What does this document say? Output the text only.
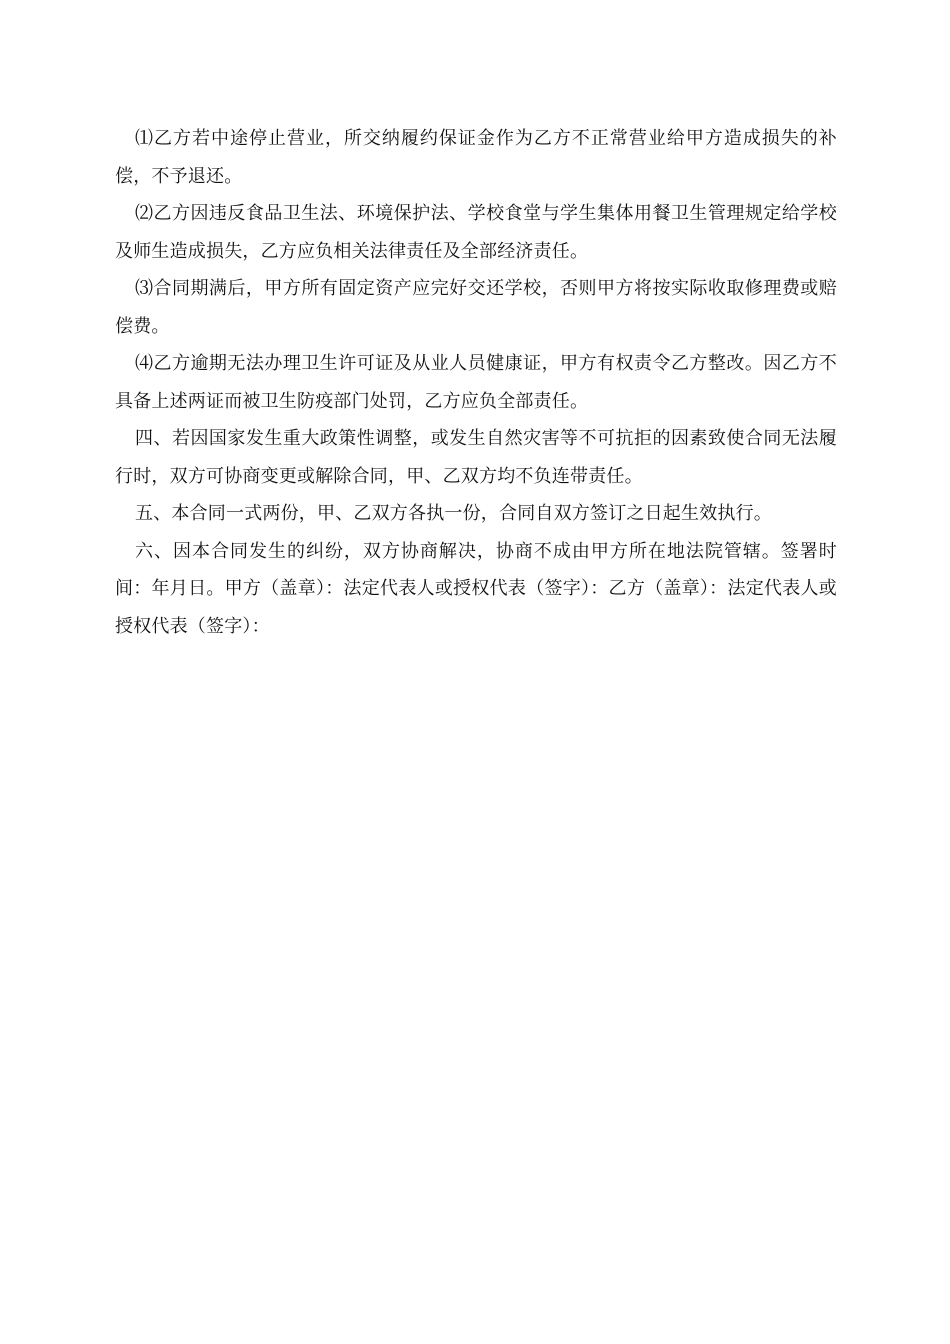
⑴乙方若中途停止营业，所交纳履约保证金作为乙方不正常营业给甲方造成损失的补偿，不予退还。

⑵乙方因违反食品卫生法、环境保护法、学校食堂与学生集体用餐卫生管理规定给学校及师生造成损失，乙方应负相关法律责任及全部经济责任。

⑶合同期满后，甲方所有固定资产应完好交还学校，否则甲方将按实际收取修理费或赔偿费。

⑷乙方逾期无法办理卫生许可证及从业人员健康证，甲方有权责令乙方整改。因乙方不具备上述两证而被卫生防疫部门处罚，乙方应负全部责任。

四、若因国家发生重大政策性调整，或发生自然灾害等不可抗拒的因素致使合同无法履行时，双方可协商变更或解除合同，甲、乙双方均不负连带责任。

五、本合同一式两份，甲、乙双方各执一份，合同自双方签订之日起生效执行。

六、因本合同发生的纠纷，双方协商解决，协商不成由甲方所在地法院管辖。签署时间：年月日。甲方（盖章）：法定代表人或授权代表（签字）：乙方（盖章）：法定代表人或授权代表（签字）：
